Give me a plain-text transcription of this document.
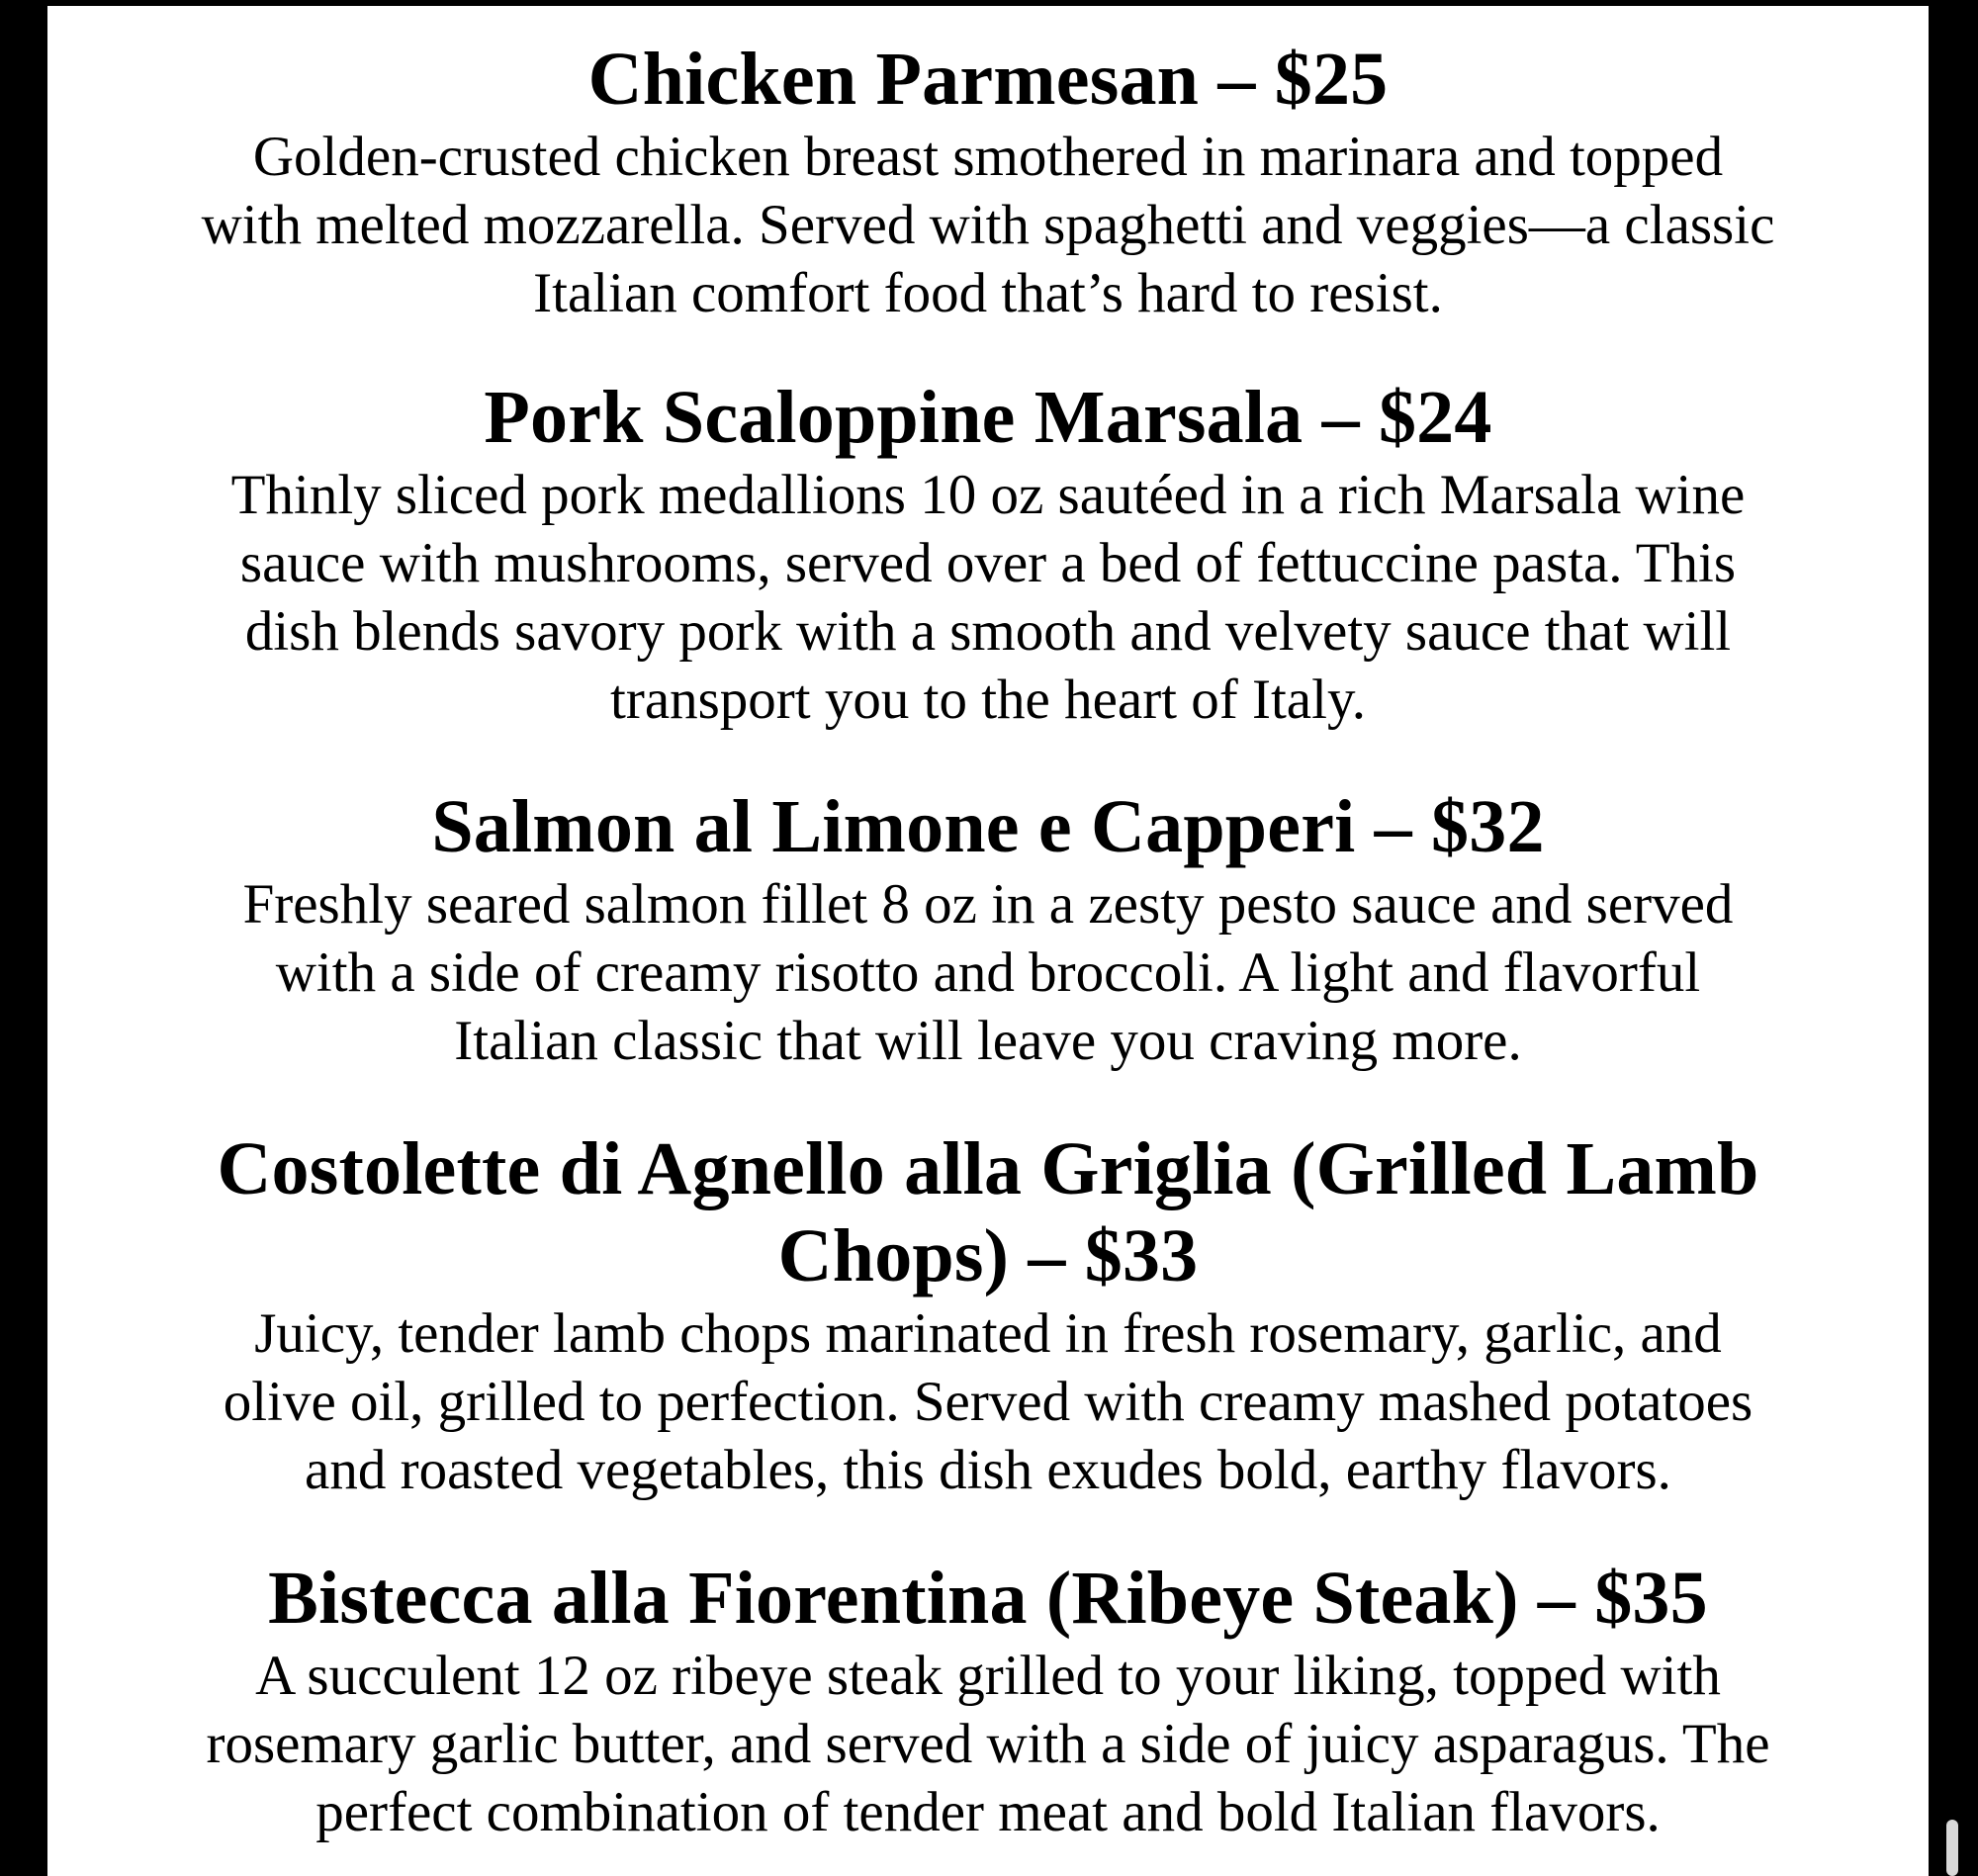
Chicken Parmesan – $25

Golden-crusted chicken breast smothered in marinara and topped
with melted mozzarella. Served with spaghetti and veggies—a classic
Italian comfort food that’s hard to resist.

Pork Scaloppine Marsala – $24

Thinly sliced pork medallions 10 oz sautéed in a rich Marsala wine
sauce with mushrooms, served over a bed of fettuccine pasta. This
dish blends savory pork with a smooth and velvety sauce that will
transport you to the heart of Italy.

Salmon al Limone e Capperi – $32

Freshly seared salmon fillet 8 oz in a zesty pesto sauce and served
with a side of creamy risotto and broccoli. A light and flavorful
Italian classic that will leave you craving more.

Costolette di Agnello alla Griglia (Grilled Lamb
Chops) – $33

Juicy, tender lamb chops marinated in fresh rosemary, garlic, and
olive oil, grilled to perfection. Served with creamy mashed potatoes
and roasted vegetables, this dish exudes bold, earthy flavors.

Bistecca alla Fiorentina (Ribeye Steak) – $35

A succulent 12 oz ribeye steak grilled to your liking, topped with
rosemary garlic butter, and served with a side of juicy asparagus. The
perfect combination of tender meat and bold Italian flavors.
